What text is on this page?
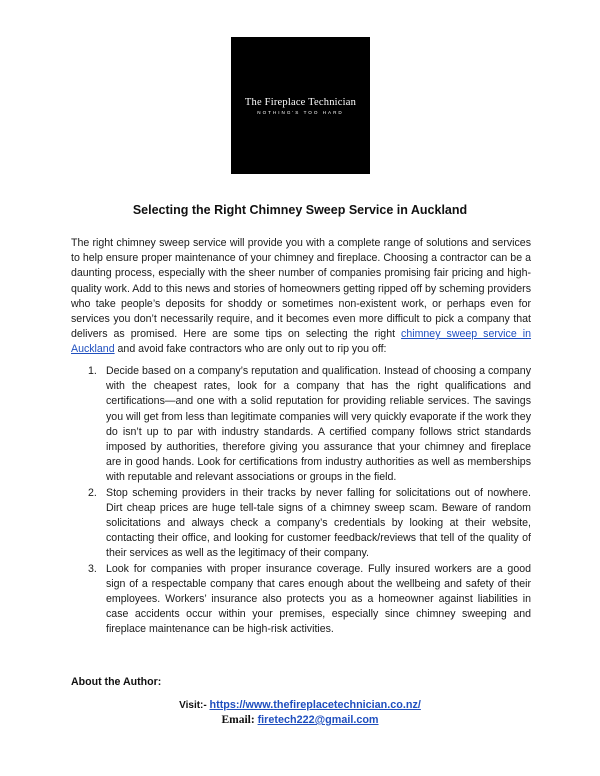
The Fireplace Technician
NOTHING'S TOO HARD
Selecting the Right Chimney Sweep Service in Auckland

The right chimney sweep service will provide you with a complete range of solutions and services to help ensure proper maintenance of your chimney and fireplace. Choosing a contractor can be a daunting process, especially with the sheer number of companies promising fair pricing and high-quality work. Add to this news and stories of homeowners getting ripped off by scheming providers who take people’s deposits for shoddy or sometimes non-existent work, or perhaps even for services you don’t necessarily require, and it becomes even more difficult to pick a company that delivers as promised. Here are some tips on selecting the right chimney sweep service in Auckland and avoid fake contractors who are only out to rip you off:

1. Decide based on a company’s reputation and qualification. Instead of choosing a company with the cheapest rates, look for a company that has the right qualifications and certifications—and one with a solid reputation for providing reliable services. The savings you will get from less than legitimate companies will very quickly evaporate if the work they do isn’t up to par with industry standards. A certified company follows strict standards imposed by authorities, therefore giving you assurance that your chimney and fireplace are in good hands. Look for certifications from industry authorities as well as memberships with reputable and relevant associations or groups in the field.
2. Stop scheming providers in their tracks by never falling for solicitations out of nowhere. Dirt cheap prices are huge tell-tale signs of a chimney sweep scam. Beware of random solicitations and always check a company’s credentials by looking at their website, contacting their office, and looking for customer feedback/reviews that tell of the quality of their services as well as the legitimacy of their company.
3. Look for companies with proper insurance coverage. Fully insured workers are a good sign of a respectable company that cares enough about the wellbeing and safety of their employees. Workers’ insurance also protects you as a homeowner against liabilities in case accidents occur within your premises, especially since chimney sweeping and fireplace maintenance can be high-risk activities.
About the Author:
Visit:- https://www.thefireplacetechnician.co.nz/
Email: firetech222@gmail.com
